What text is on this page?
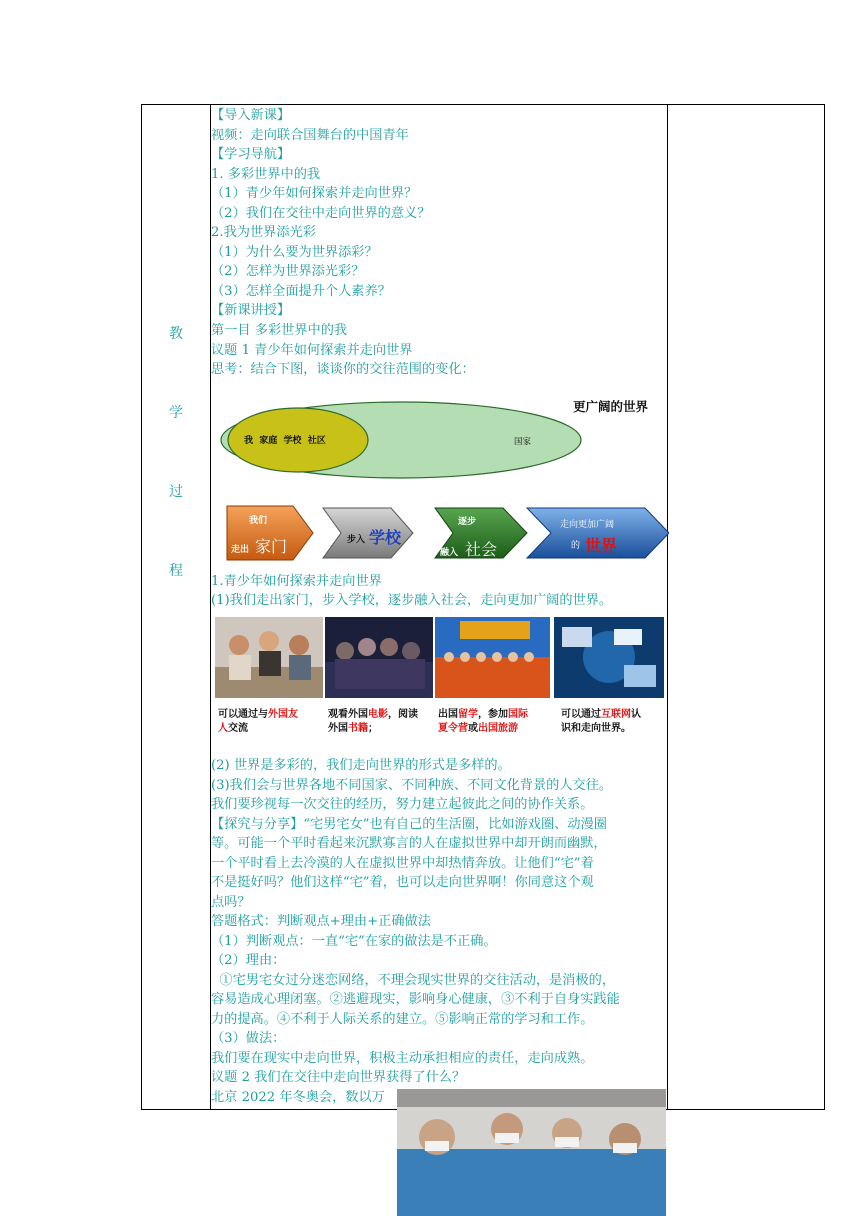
教
学
过
程
【导入新课】
视频：走向联合国舞台的中国青年
【学习导航】
1. 多彩世界中的我
（1）青少年如何探索并走向世界？
（2）我们在交往中走向世界的意义？
2.我为世界添光彩
（1）为什么要为世界添彩？
（2）怎样为世界添光彩？
（3）怎样全面提升个人素养？
【新课讲授】
第一目 多彩世界中的我
议题 1 青少年如何探索并走向世界
思考：结合下图，谈谈你的交往范围的变化：
更广阔的世界
我  家庭  学校  社区	国家
我们
走出 家门	步入 学校
逐步
融入 社会
走向更加广阔
的 世界
1.青少年如何探索并走向世界
(1)我们走出家门，步入学校，逐步融入社会，走向更加广阔的世界。
可以通过与外国友
人交流
观看外国电影，阅读
外国书籍；
出国留学，参加国际
夏令营或出国旅游
可以通过互联网认
识和走向世界。
(2) 世界是多彩的，我们走向世界的形式是多样的。
(3)我们会与世界各地不同国家、不同种族、不同文化背景的人交往。
我们要珍视每一次交往的经历，努力建立起彼此之间的协作关系。
【探究与分享】“宅男宅女”也有自己的生活圈，比如游戏圈、动漫圈
等。可能一个平时看起来沉默寡言的人在虚拟世界中却开朗而幽默，
一个平时看上去冷漠的人在虚拟世界中却热情奔放。让他们“宅”着
不是挺好吗？他们这样“宅”着，也可以走向世界啊！你同意这个观
点吗？
答题格式：判断观点+理由+正确做法
（1）判断观点：一直“宅”在家的做法是不正确。
（2）理由：
①宅男宅女过分迷恋网络，不理会现实世界的交往活动，是消极的，
容易造成心理闭塞。②逃避现实，影响身心健康，③不利于自身实践能
力的提高。④不利于人际关系的建立。⑤影响正常的学习和工作。
（3）做法：
我们要在现实中走向世界，积极主动承担相应的责任，走向成熟。
议题 2 我们在交往中走向世界获得了什么？
北京 2022 年冬奥会，数以万
